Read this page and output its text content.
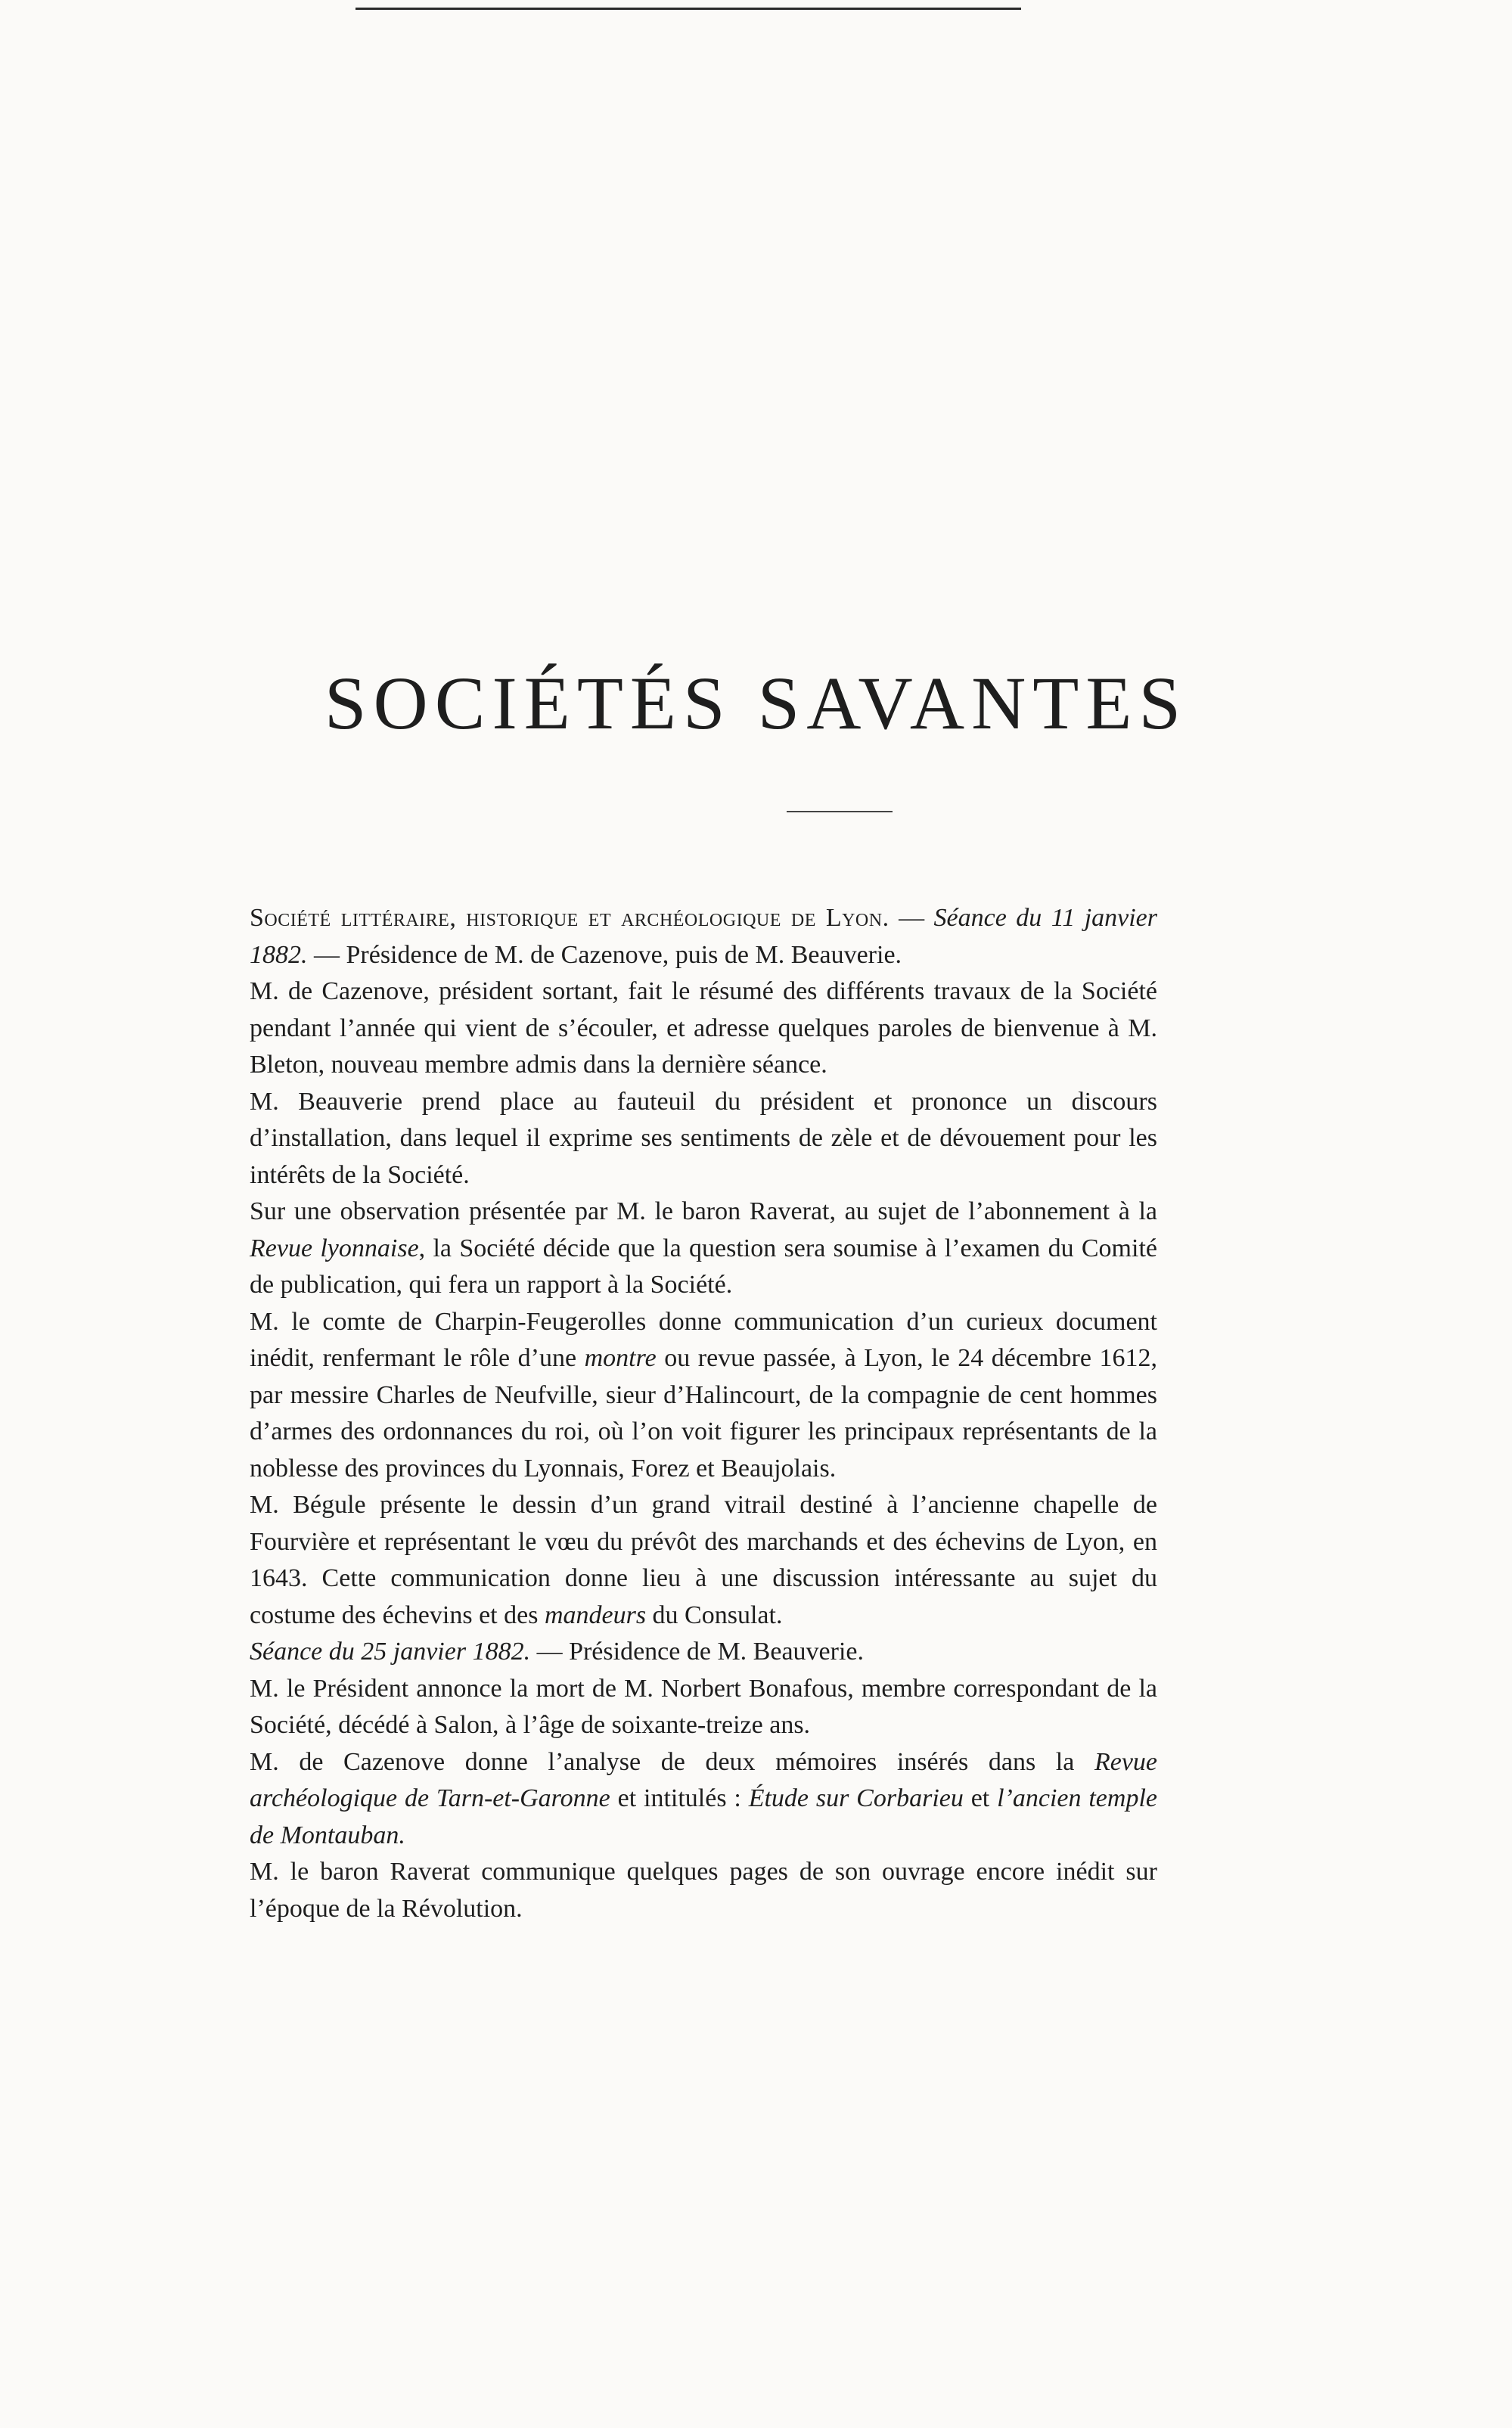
SOCIÉTÉS SAVANTES

Société littéraire, historique et archéologique de Lyon. — Séance du 11 janvier 1882. — Présidence de M. de Cazenove, puis de M. Beauverie.

M. de Cazenove, président sortant, fait le résumé des différents travaux de la Société pendant l’année qui vient de s’écouler, et adresse quelques paroles de bienvenue à M. Bleton, nouveau membre admis dans la dernière séance.

M. Beauverie prend place au fauteuil du président et prononce un discours d’installation, dans lequel il exprime ses sentiments de zèle et de dévouement pour les intérêts de la Société.

Sur une observation présentée par M. le baron Raverat, au sujet de l’abonnement à la Revue lyonnaise, la Société décide que la question sera soumise à l’examen du Comité de publication, qui fera un rapport à la Société.

M. le comte de Charpin-Feugerolles donne communication d’un curieux document inédit, renfermant le rôle d’une montre ou revue passée, à Lyon, le 24 décembre 1612, par messire Charles de Neufville, sieur d’Halincourt, de la compagnie de cent hommes d’armes des ordonnances du roi, où l’on voit figurer les principaux représentants de la noblesse des provinces du Lyonnais, Forez et Beaujolais.

M. Bégule présente le dessin d’un grand vitrail destiné à l’ancienne chapelle de Fourvière et représentant le vœu du prévôt des marchands et des échevins de Lyon, en 1643. Cette communication donne lieu à une discussion intéressante au sujet du costume des échevins et des mandeurs du Consulat.

Séance du 25 janvier 1882. — Présidence de M. Beauverie.

M. le Président annonce la mort de M. Norbert Bonafous, membre correspondant de la Société, décédé à Salon, à l’âge de soixante-treize ans.

M. de Cazenove donne l’analyse de deux mémoires insérés dans la Revue archéologique de Tarn-et-Garonne et intitulés : Étude sur Corbarieu et l’ancien temple de Montauban.

M. le baron Raverat communique quelques pages de son ouvrage encore inédit sur l’époque de la Révolution.
